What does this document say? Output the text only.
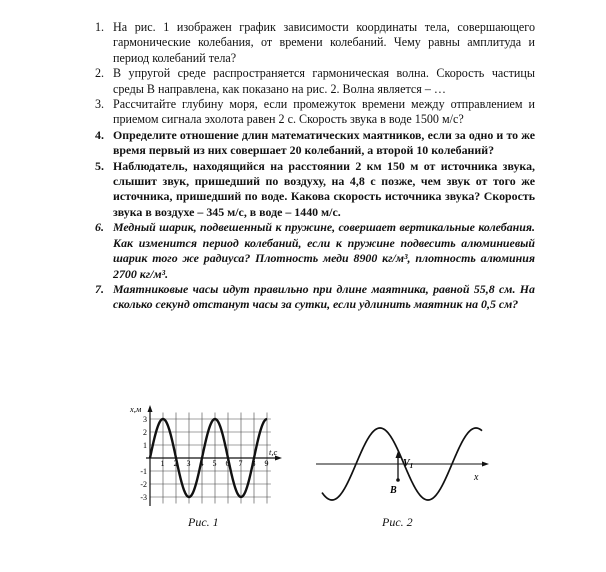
1. На рис. 1 изображен график зависимости координаты тела, совершающего гармонические колебания, от времени колебаний. Чему равны амплитуда и период колебаний тела?
2. В упругой среде распространяется гармоническая волна. Скорость частицы среды B направлена, как показано на рис. 2. Волна является – …
3. Рассчитайте глубину моря, если промежуток времени между отправлением и приемом сигнала эхолота равен 2 с. Скорость звука в воде 1500 м/с?
4. Определите отношение длин математических маятников, если за одно и то же время первый из них совершает 20 колебаний, а второй 10 колебаний?
5. Наблюдатель, находящийся на расстоянии 2 км 150 м от источника звука, слышит звук, пришедший по воздуху, на 4,8 с позже, чем звук от того же источника, пришедший по воде. Какова скорость источника звука? Скорость звука в воздухе – 345 м/с, в воде – 1440 м/с.
6. Медный шарик, подвешенный к пружине, совершает вертикальные колебания. Как изменится период колебаний, если к пружине подвесить алюминиевый шарик того же радиуса? Плотность меди 8900 кг/м³, плотность алюминия 2700 кг/м³.
7. Маятниковые часы идут правильно при длине маятника, равной 55,8 см. На сколько секунд отстанут часы за сутки, если удлинить маятник на 0,5 см?
x,м
t,c
3
2
1
-1
-2
-3
1 2 3 4 5 6 7 8 9
Рис. 1
x
B
$V_1$
Рис. 2
